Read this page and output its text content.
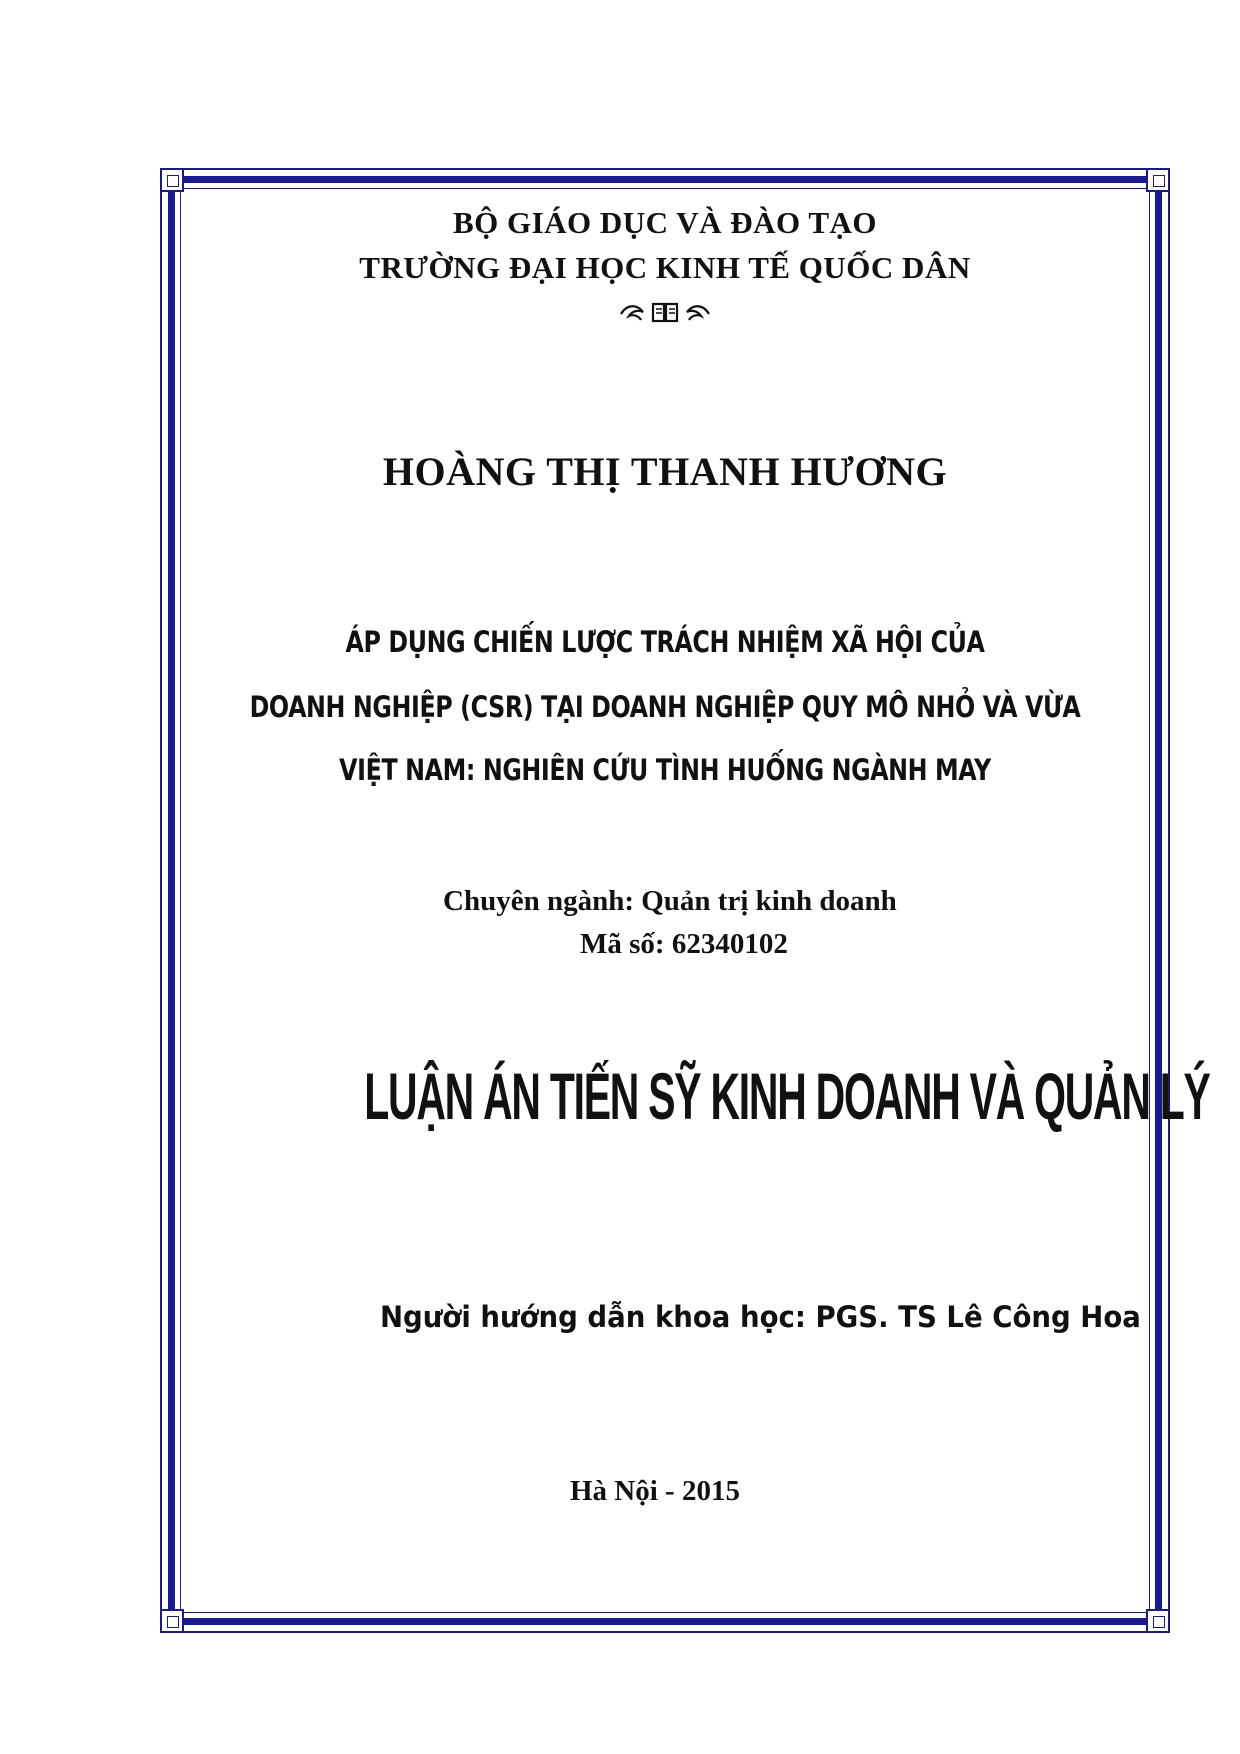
BỘ GIÁO DỤC VÀ ĐÀO TẠO
TRƯỜNG ĐẠI HỌC KINH TẾ QUỐC DÂN
HOÀNG THỊ THANH HƯƠNG
ÁP DỤNG CHIẾN LƯỢC TRÁCH NHIỆM XÃ HỘI CỦA
DOANH NGHIỆP (CSR) TẠI DOANH NGHIỆP QUY MÔ NHỎ VÀ VỪA
VIỆT NAM: NGHIÊN CỨU TÌNH HUỐNG NGÀNH MAY
Chuyên ngành: Quản trị kinh doanh
Mã số: 62340102
LUẬN ÁN TIẾN SỸ KINH DOANH VÀ QUẢN LÝ
Người hướng dẫn khoa học: PGS. TS Lê Công Hoa
Hà Nội - 2015
